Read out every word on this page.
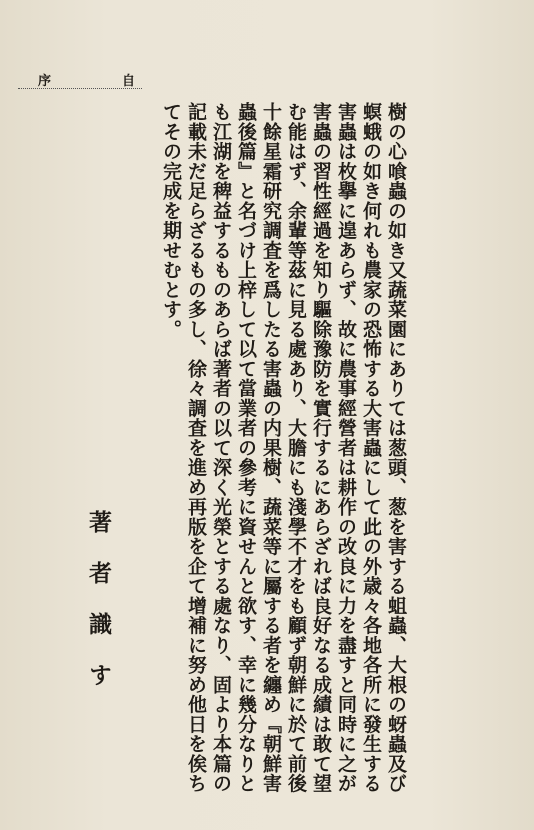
序	自
樹の心喰蟲の如き又蔬菜園にありては葱頭、葱を害する蛆蟲、大根の蚜蟲及び
螟蛾の如き何れも農家の恐怖する大害蟲にして此の外歳々各地各所に發生する
害蟲は枚擧に遑あらず、故に農事經營者は耕作の改良に力を盡すと同時に之が
害蟲の習性經過を知り驅除豫防を實行するにあらざれば良好なる成績は敢て望
む能はず、余輩等茲に見る處あり、大膽にも淺學不才をも顧ず朝鮮に於て前後
十餘星霜研究調査を爲したる害蟲の内果樹、蔬菜等に屬する者を纏め『朝鮮害
蟲後篇』と名づけ上梓して以て當業者の參考に資せんと欲す、幸に幾分なりと
も江湖を稗益するものあらば著者の以て深く光榮とする處なり、固より本篇の
記載未だ足らざるもの多し、徐々調査を進め再版を企て增補に努め他日を俟ち
てその完成を期せむとす。
著者識す
